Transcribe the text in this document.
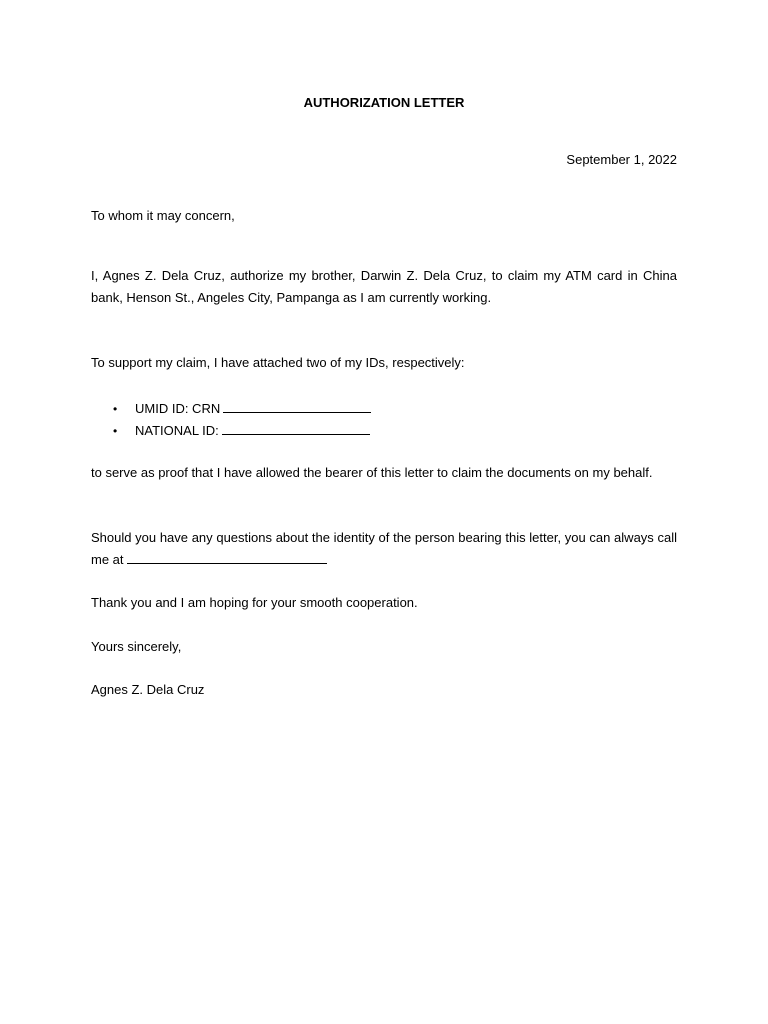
AUTHORIZATION LETTER

September 1, 2022

To whom it may concern,

I, Agnes Z. Dela Cruz, authorize my brother, Darwin Z. Dela Cruz, to claim my ATM card in China bank, Henson St., Angeles City, Pampanga as I am currently working.

To support my claim, I have attached two of my IDs, respectively:

• UMID ID: CRN
• NATIONAL ID:

to serve as proof that I have allowed the bearer of this letter to claim the documents on my behalf.

Should you have any questions about the identity of the person bearing this letter, you can always call me at

Thank you and I am hoping for your smooth cooperation.

Yours sincerely,

Agnes Z. Dela Cruz
